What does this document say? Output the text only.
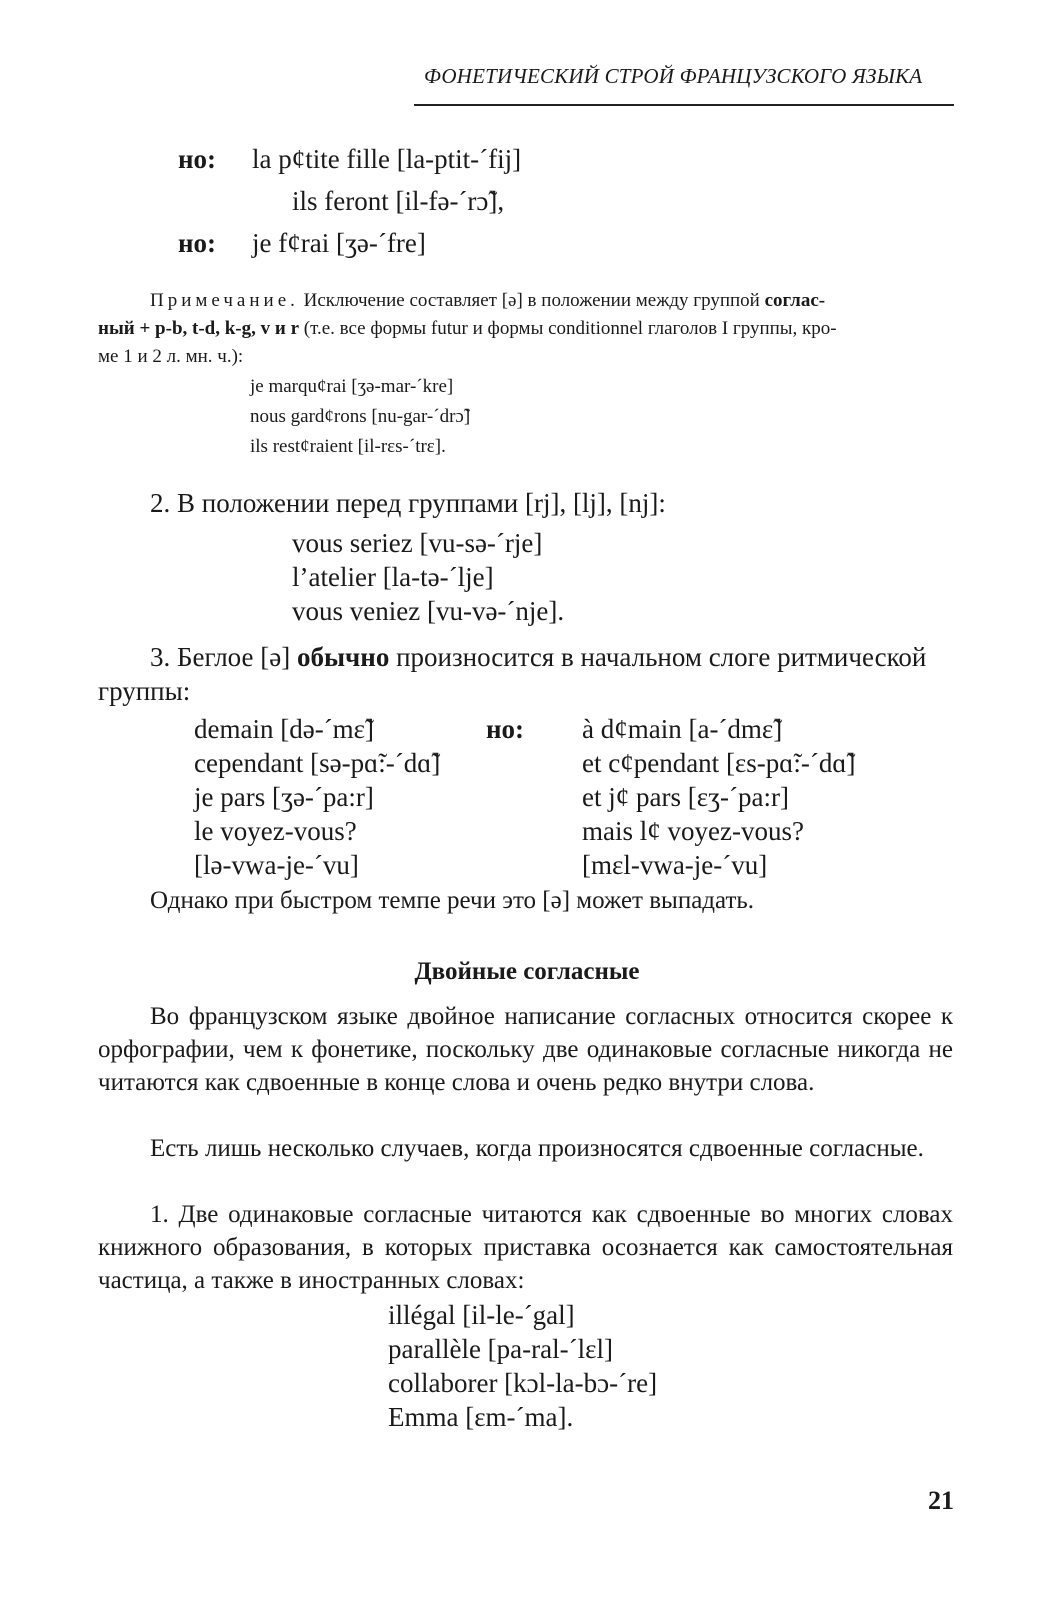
ФОНЕТИЧЕСКИЙ СТРОЙ ФРАНЦУЗСКОГО ЯЗЫКА
но: la p¢tite fille [la-ptit-´fij]
ils feront [il-fə-´rɔ̃],
но: je f¢rai [ʒə-´fre]
Примечание. Исключение составляет [ə] в положении между группой соглас-
ный + p-b, t-d, k-g, v и r (т.е. все формы futur и формы conditionnel глаголов I группы, кро-
ме 1 и 2 л. мн. ч.):
je marqu¢rai [ʒə-mar-´kre]
nous gard¢rons [nu-gar-´drɔ̃]
ils rest¢raient [il-rɛs-´trɛ].
2. В положении перед группами [rj], [lj], [nj]:
vous seriez [vu-sə-´rje]
l’atelier [la-tə-´lje]
vous veniez [vu-və-´nje].
3. Беглое [ə] обычно произносится в начальном слоге ритмической
группы:
demain [də-´mɛ̃]
cependant [sə-pɑ̃:-´dɑ̃]
je pars [ʒə-´pa:r]
le voyez-vous?
[lə-vwa-je-´vu]
но: à d¢main [a-´dmɛ̃]
et c¢pendant [ɛs-pɑ̃:-´dɑ̃]
et j¢ pars [ɛʒ-´pa:r]
mais l¢ voyez-vous?
[mɛl-vwa-je-´vu]
Однако при быстром темпе речи это [ə] может выпадать.
Двойные согласные
Во французском языке двойное написание согласных относится скорее к орфографии, чем к фонетике, поскольку две одинаковые согласные никогда не читаются как сдвоенные в конце слова и очень редко внутри слова.
Есть лишь несколько случаев, когда произносятся сдвоенные согласные.
1. Две одинаковые согласные читаются как сдвоенные во многих словах книжного образования, в которых приставка осознается как самостоятельная частица, а также в иностранных словах:
illégal [il-le-´gal]
parallèle [pa-ral-´lɛl]
collaborer [kɔl-la-bɔ-´re]
Emma [ɛm-´ma].
21
